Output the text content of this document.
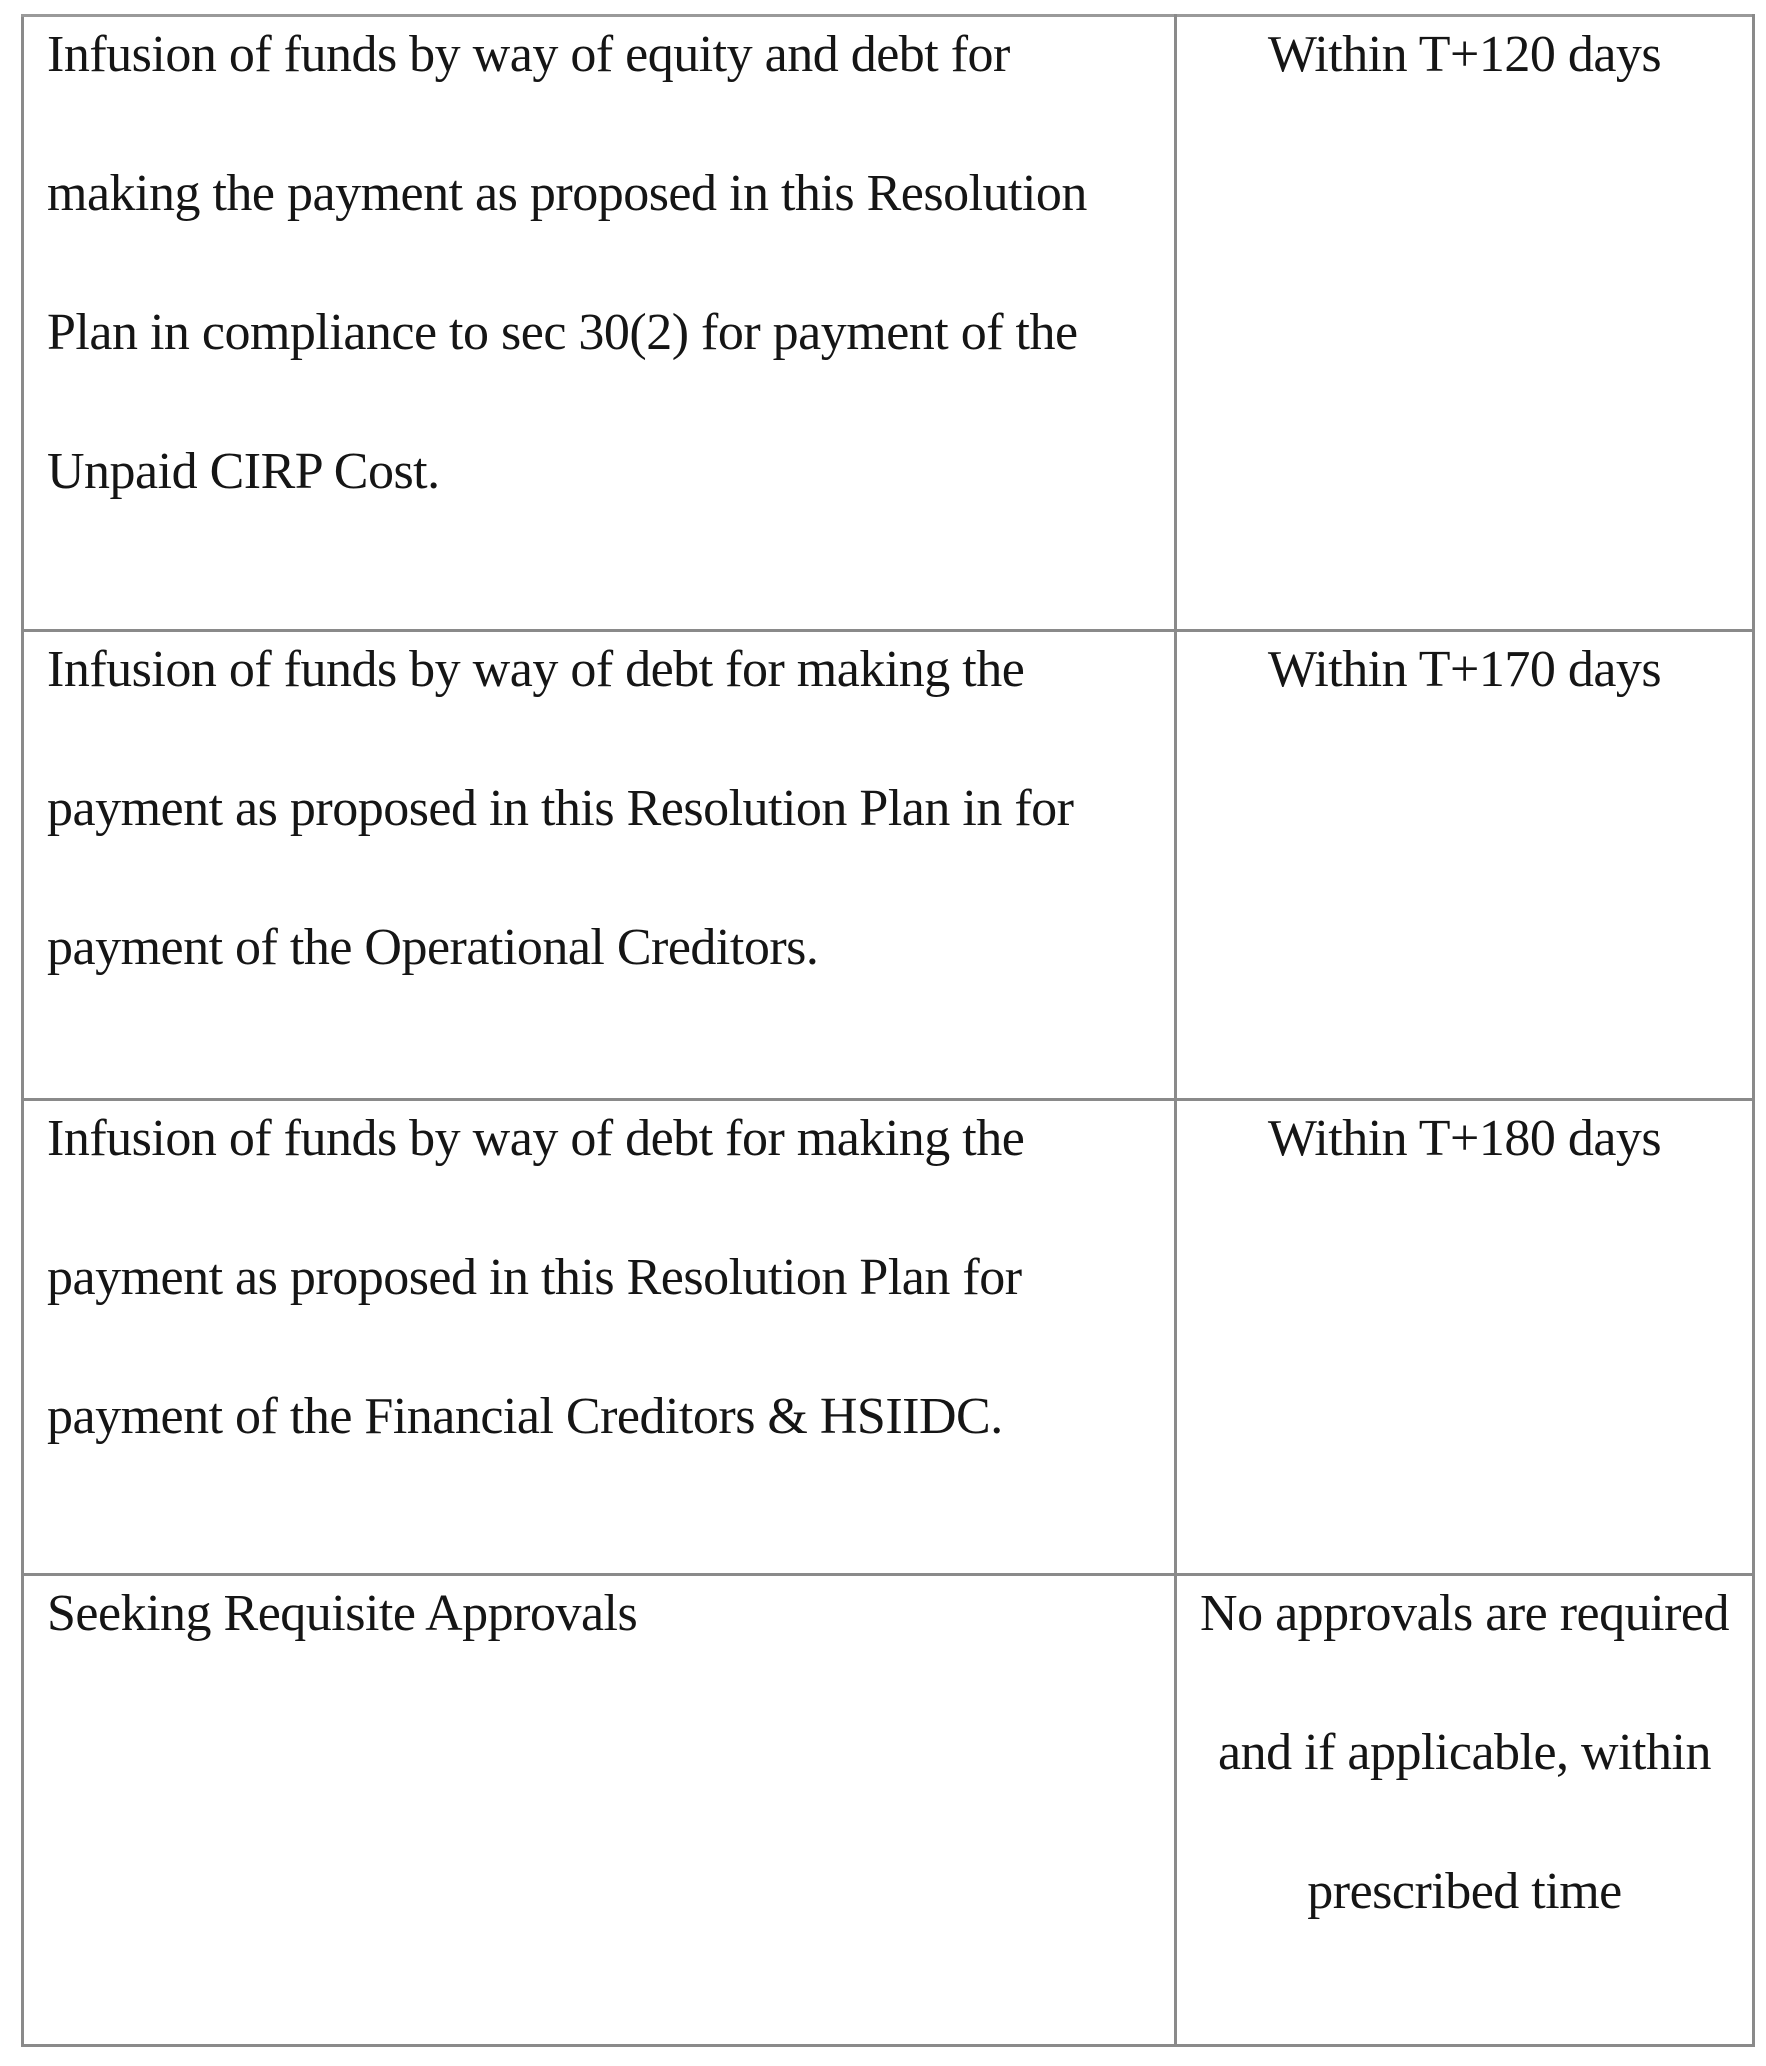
Infusion of funds by way of equity and debt for making the payment as proposed in this Resolution Plan in compliance to sec 30(2) for payment of the Unpaid CIRP Cost.	Within T+120 days

Infusion of funds by way of debt for making the payment as proposed in this Resolution Plan in for payment of the Operational Creditors.	Within T+170 days

Infusion of funds by way of debt for making the payment as proposed in this Resolution Plan for payment of the Financial Creditors & HSIIDC.	Within T+180 days

Seeking Requisite Approvals	No approvals are required and if applicable, within prescribed time
